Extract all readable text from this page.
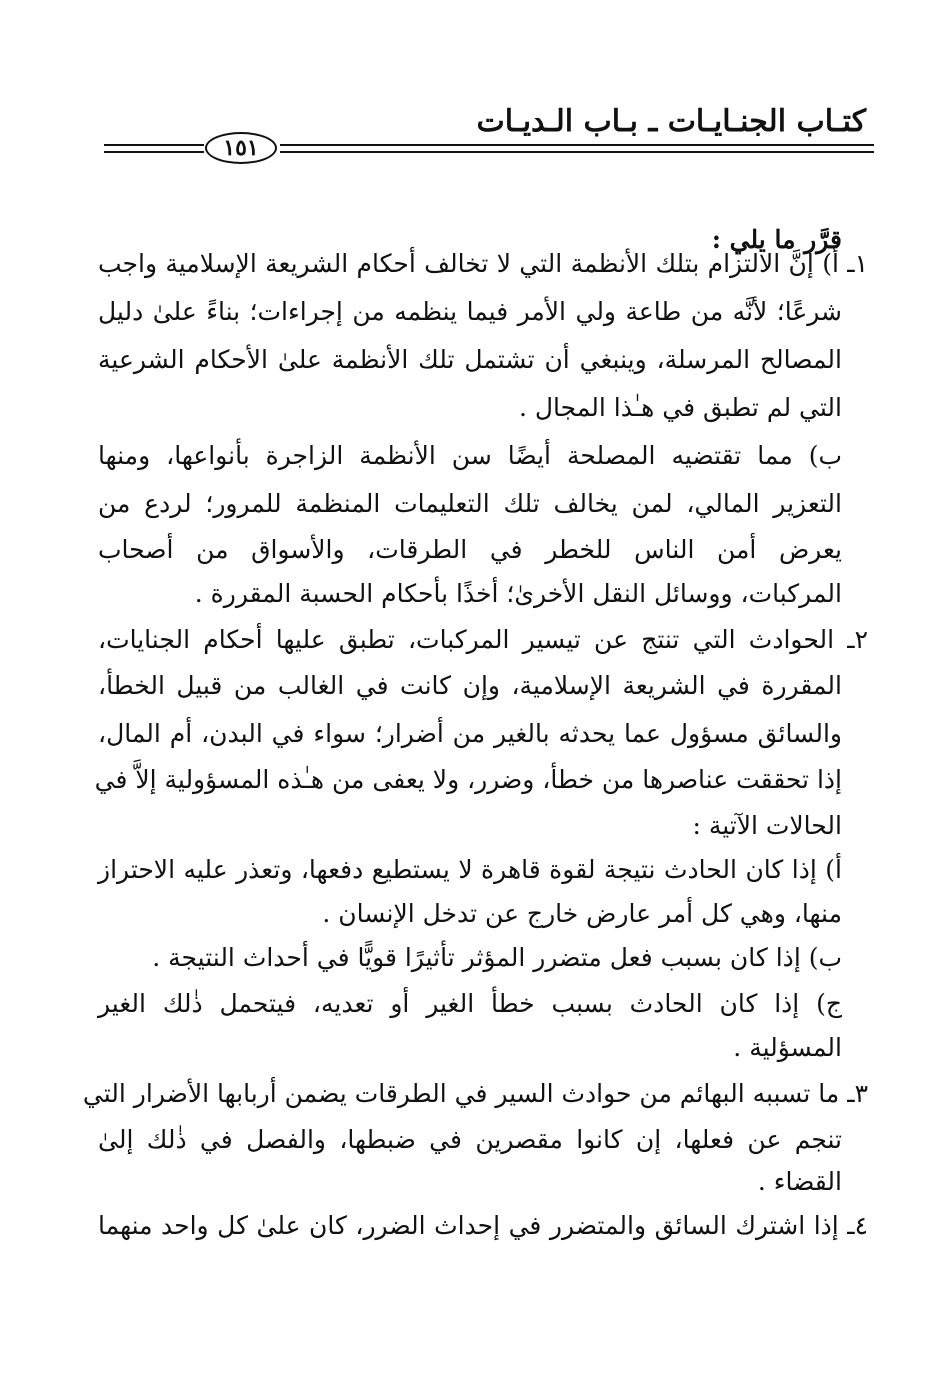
كتـاب الجنـايـات ـ بـاب الـديـات
١٥١
قرَّر ما يلي :
١ـ أ) إنَّ الالتزام بتلك الأنظمة التي لا تخالف أحكام الشريعة الإسلامية واجب
شرعًا؛ لأنَّه من طاعة ولي الأمر فيما ينظمه من إجراءات؛ بناءً علىٰ دليل
المصالح المرسلة، وينبغي أن تشتمل تلك الأنظمة علىٰ الأحكام الشرعية
التي لم تطبق في هـٰذا المجال .
ب) مما تقتضيه المصلحة أيضًا سن الأنظمة الزاجرة بأنواعها، ومنها
التعزير المالي، لمن يخالف تلك التعليمات المنظمة للمرور؛ لردع من
يعرض أمن الناس للخطر في الطرقات، والأسواق من أصحاب
المركبات، ووسائل النقل الأخرىٰ؛ أخذًا بأحكام الحسبة المقررة .
٢ـ الحوادث التي تنتج عن تيسير المركبات، تطبق عليها أحكام الجنايات،
المقررة في الشريعة الإسلامية، وإن كانت في الغالب من قبيل الخطأ،
والسائق مسؤول عما يحدثه بالغير من أضرار؛ سواء في البدن، أم المال،
إذا تحققت عناصرها من خطأ، وضرر، ولا يعفى من هـٰذه المسؤولية إلاَّ في
الحالات الآتية :
أ) إذا كان الحادث نتيجة لقوة قاهرة لا يستطيع دفعها، وتعذر عليه الاحتراز
منها، وهي كل أمر عارض خارج عن تدخل الإنسان .
ب) إذا كان بسبب فعل متضرر المؤثر تأثيرًا قويًّا في أحداث النتيجة .
ج) إذا كان الحادث بسبب خطأ الغير أو تعديه، فيتحمل ذٰلك الغير
المسؤلية .
٣ـ ما تسببه البهائم من حوادث السير في الطرقات يضمن أربابها الأضرار التي
تنجم عن فعلها، إن كانوا مقصرين في ضبطها، والفصل في ذٰلك إلىٰ
القضاء .
٤ـ إذا اشترك السائق والمتضرر في إحداث الضرر، كان علىٰ كل واحد منهما
